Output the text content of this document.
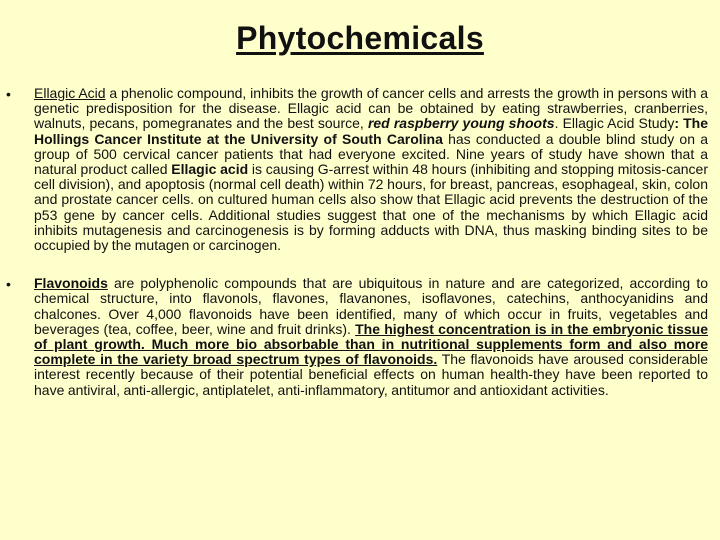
Phytochemicals
• Ellagic Acid a phenolic compound, inhibits the growth of cancer cells and arrests the growth in persons with a genetic predisposition for the disease. Ellagic acid can be obtained by eating strawberries, cranberries, walnuts, pecans, pomegranates and the best source, red raspberry young shoots. Ellagic Acid Study: The Hollings Cancer Institute at the University of South Carolina has conducted a double blind study on a group of 500 cervical cancer patients that had everyone excited. Nine years of study have shown that a natural product called Ellagic acid is causing G-arrest within 48 hours (inhibiting and stopping mitosis-cancer cell division), and apoptosis (normal cell death) within 72 hours, for breast, pancreas, esophageal, skin, colon and prostate cancer cells. on cultured human cells also show that Ellagic acid prevents the destruction of the p53 gene by cancer cells. Additional studies suggest that one of the mechanisms by which Ellagic acid inhibits mutagenesis and carcinogenesis is by forming adducts with DNA, thus masking binding sites to be occupied by the mutagen or carcinogen.
• Flavonoids are polyphenolic compounds that are ubiquitous in nature and are categorized, according to chemical structure, into flavonols, flavones, flavanones, isoflavones, catechins, anthocyanidins and chalcones. Over 4,000 flavonoids have been identified, many of which occur in fruits, vegetables and beverages (tea, coffee, beer, wine and fruit drinks). The highest concentration is in the embryonic tissue of plant growth. Much more bio absorbable than in nutritional supplements form and also more complete in the variety broad spectrum types of flavonoids. The flavonoids have aroused considerable interest recently because of their potential beneficial effects on human health-they have been reported to have antiviral, anti-allergic, antiplatelet, anti-inflammatory, antitumor and antioxidant activities.
